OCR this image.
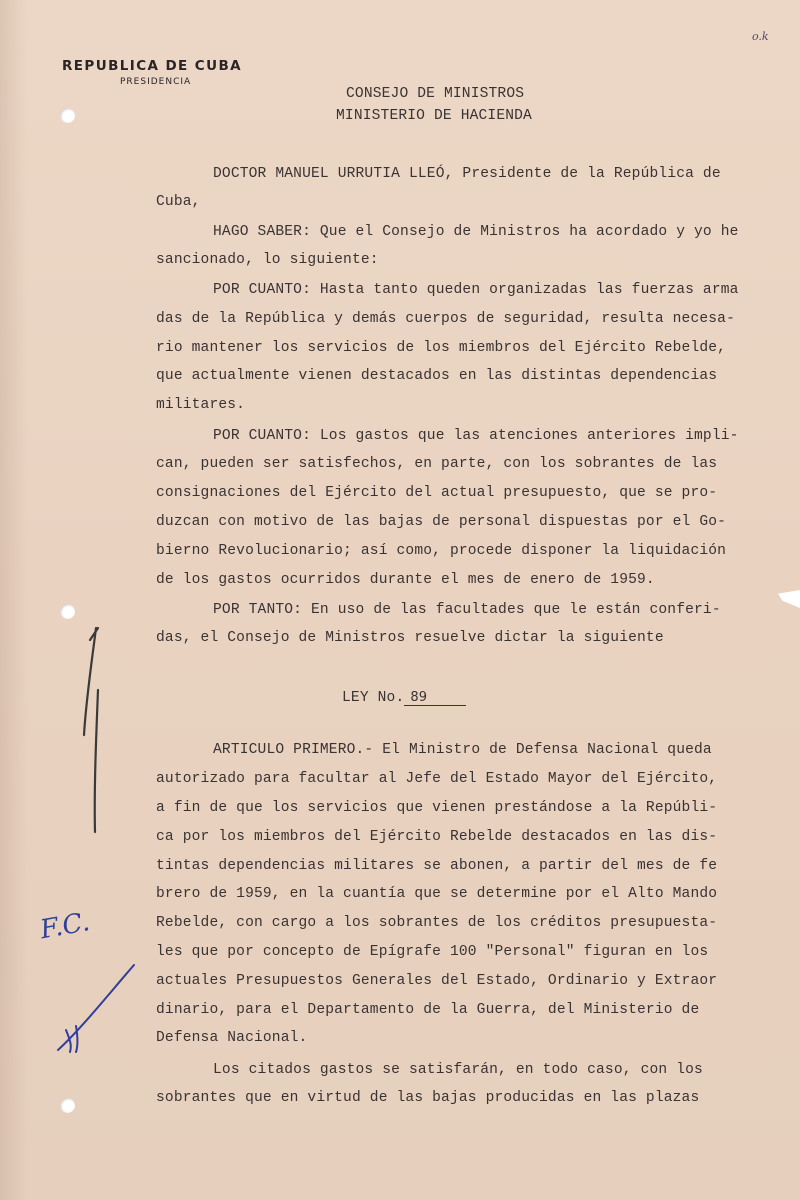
REPUBLICA DE CUBA
PRESIDENCIA
o.k
CONSEJO DE MINISTROS
MINISTERIO DE HACIENDA
DOCTOR MANUEL URRUTIA LLEÓ, Presidente de la República de
Cuba,
HAGO SABER: Que el Consejo de Ministros ha acordado y yo he
sancionado, lo siguiente:
POR CUANTO: Hasta tanto queden organizadas las fuerzas arma
das de la República y demás cuerpos de seguridad, resulta necesa-
rio mantener los servicios de los miembros del Ejército Rebelde,
que actualmente vienen destacados en las distintas dependencias
militares.
POR CUANTO: Los gastos que las atenciones anteriores impli-
can, pueden ser satisfechos, en parte, con los sobrantes de las
consignaciones del Ejército del actual presupuesto, que se pro-
duzcan con motivo de las bajas de personal dispuestas por el Go-
bierno Revolucionario; así como, procede disponer la liquidación
de los gastos ocurridos durante el mes de enero de 1959.
POR TANTO: En uso de las facultades que le están conferi-
das, el Consejo de Ministros resuelve dictar la siguiente
LEY No. 89
ARTICULO PRIMERO.- El Ministro de Defensa Nacional queda
autorizado para facultar al Jefe del Estado Mayor del Ejército,
a fin de que los servicios que vienen prestándose a la Repúbli-
ca por los miembros del Ejército Rebelde destacados en las dis-
tintas dependencias militares se abonen, a partir del mes de fe
brero de 1959, en la cuantía que se determine por el Alto Mando
Rebelde, con cargo a los sobrantes de los créditos presupuesta-
les que por concepto de Epígrafe 100 "Personal" figuran en los
actuales Presupuestos Generales del Estado, Ordinario y Extraor
dinario, para el Departamento de la Guerra, del Ministerio de
Defensa Nacional.
Los citados gastos se satisfarán, en todo caso, con los
sobrantes que en virtud de las bajas producidas en las plazas
F.C.
